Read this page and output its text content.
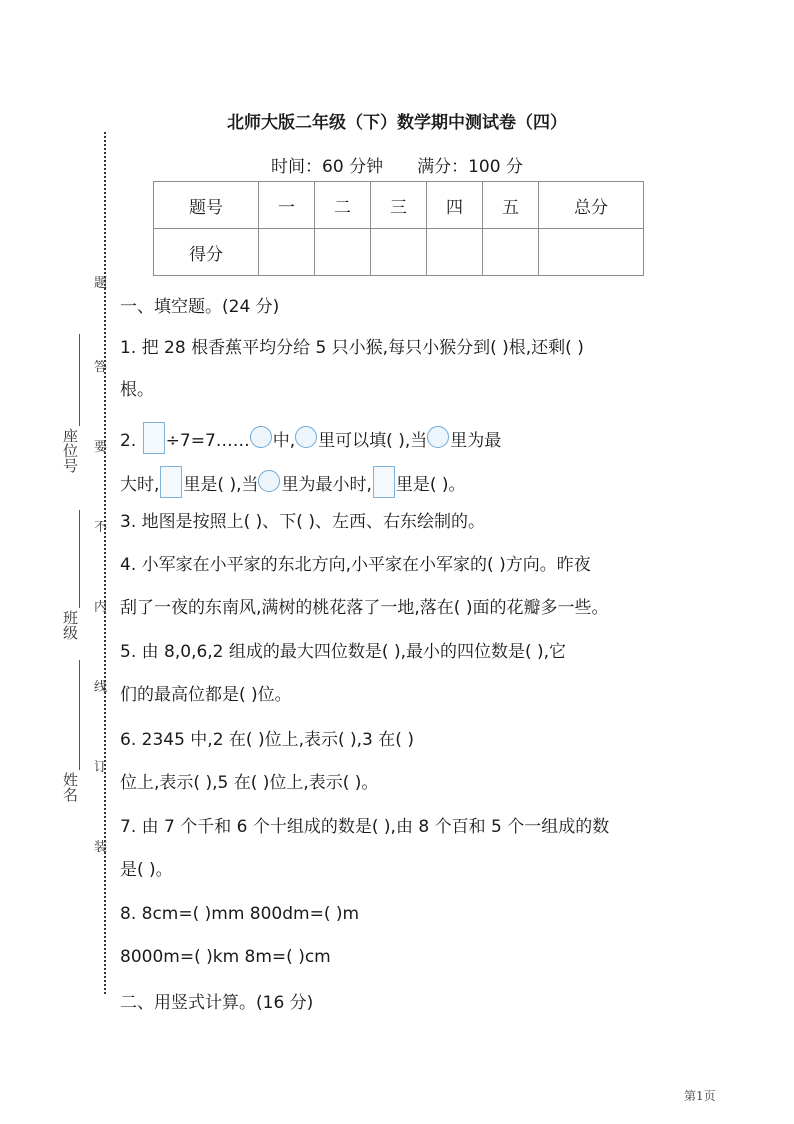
座位号
班级
姓名
题
答
要
不
内
线
订
装
北师大版二年级（下）数学期中测试卷（四）
时间：60 分钟 满分：100 分
题号	一	二	三	四	五	总分
得分						
一、填空题。(24 分)
1. 把 28 根香蕉平均分给 5 只小猴,每只小猴分到( )根,还剩( )
根。
2. ÷7=7…… 中, 里可以填( ),当 里为最
大时, 里是( ),当 里为最小时, 里是( )。
3. 地图是按照上( )、下( )、左西、右东绘制的。
4. 小军家在小平家的东北方向,小平家在小军家的( )方向。昨夜
刮了一夜的东南风,满树的桃花落了一地,落在( )面的花瓣多一些。
5. 由 8,0,6,2 组成的最大四位数是( ),最小的四位数是( ),它
们的最高位都是( )位。
6. 2345 中,2 在( )位上,表示( ),3 在( )
位上,表示( ),5 在( )位上,表示( )。
7. 由 7 个千和 6 个十组成的数是( ),由 8 个百和 5 个一组成的数
是( )。
8. 8cm=( )mm 800dm=( )m
8000m=( )km 8m=( )cm
二、用竖式计算。(16 分)
第1页
